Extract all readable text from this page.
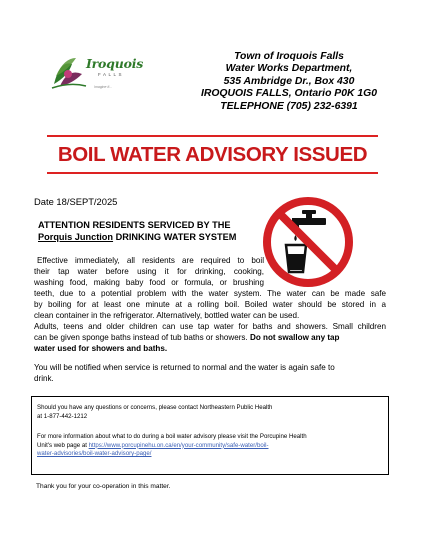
Iroquois
FALLS
Imagine It...
Town of Iroquois Falls
Water Works Department,
535 Ambridge Dr., Box 430
IROQUOIS FALLS, Ontario P0K 1G0
TELEPHONE (705) 232-6391
BOIL WATER ADVISORY ISSUED
Date 18/SEPT/2025
ATTENTION RESIDENTS SERVICED BY THE
Porquis Junction DRINKING WATER SYSTEM
Effective immediately, all residents are required to boil
their tap water before using it for drinking, cooking,
washing food, making baby food or formula, or brushing
teeth, due to a potential problem with the water system. The water can be made safe
by boiling for at least one minute at a rolling boil. Boiled water should be stored in a
clean container in the refrigerator. Alternatively, bottled water can be used.
Adults, teens and older children can use tap water for baths and showers. Small children
can be given sponge baths instead of tub baths or showers. Do not swallow any tap
water used for showers and baths.
You will be notified when service is returned to normal and the water is again safe to
drink.
Should you have any questions or concerns, please contact Northeastern Public Health
at 1-877-442-1212
For more information about what to do during a boil water advisory please visit the Porcupine Health
Unit's web page at https://www.porcupinehu.on.ca/en/your-community/safe-water/boil-
water-advisories/boil-water-advisory-page/
Thank you for your co-operation in this matter.
